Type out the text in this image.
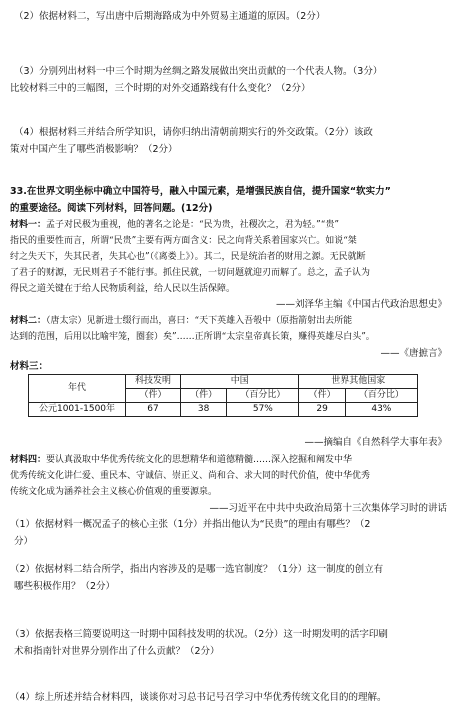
（2）依据材料二，写出唐中后期海路成为中外贸易主通道的原因。（2分）
（3）分别列出材料一中三个时期为丝绸之路发展做出突出贡献的一个代表人物。（3分）
比较材料三中的三幅图，三个时期的对外交通路线有什么变化？（2分）
（4）根据材料三并结合所学知识，请你归纳出清朝前期实行的外交政策。（2分）该政
策对中国产生了哪些消极影响？（2分）
33.在世界文明坐标中确立中国符号，融入中国元素，是增强民族自信，提升国家“软实力”
的重要途径。阅读下列材料，回答问题。(12分)
材料一：孟子对民极为重视，他的著名之论是：“民为贵，社稷次之，君为轻。”“贵”
指民的重要性而言，所谓“民贵”主要有两方面含义：民之向背关系着国家兴亡。如说“桀
纣之失天下，失其民者，失其心也”（《离娄上》）。其二，民是统治者的财用之源。无民就断
了君子的财源，无民则君子不能行事。抓住民就，一切问题就迎刃而解了。总之，孟子认为
得民之道关键在于给人民物质利益，给人民以生活保障。
——刘泽华主编《中国古代政治思想史》
材料二：（唐太宗）见新进士缀行而出，喜曰：“天下英雄入吾彀中（原指箭射出去所能
达到的范围，后用以比喻牢笼，圈套）矣”……正所谓“太宗皇帝真长策，赚得英雄尽白头”。
——《唐摭言》
材料三：
年代	科技发明	中国		世界其他国家	
	（件）	（件）	（百分比）	（件）	（百分比）
公元1001-1500年	67	38	57%	29	43%
——摘编自《自然科学大事年表》
材料四：要认真汲取中华优秀传统文化的思想精华和道德精髓……深入挖掘和阐发中华
优秀传统文化讲仁爱、重民本、守诚信、崇正义、尚和合、求大同的时代价值，使中华优秀
传统文化成为涵养社会主义核心价值观的重要源泉。
——习近平在中共中央政治局第十三次集体学习时的讲话
（1）依据材料一概况孟子的核心主张（1分）并指出他认为“民贵”的理由有哪些？（2
分）
（2）依据材料二结合所学，指出内容涉及的是哪一选官制度？（1分）这一制度的创立有
哪些积极作用？（2分）
（3）依据表格三简要说明这一时期中国科技发明的状况。（2分）这一时期发明的活字印刷
术和指南针对世界分别作出了什么贡献？（2分）
（4）综上所述并结合材料四，谈谈你对习总书记号召学习中华优秀传统文化目的的理解。
